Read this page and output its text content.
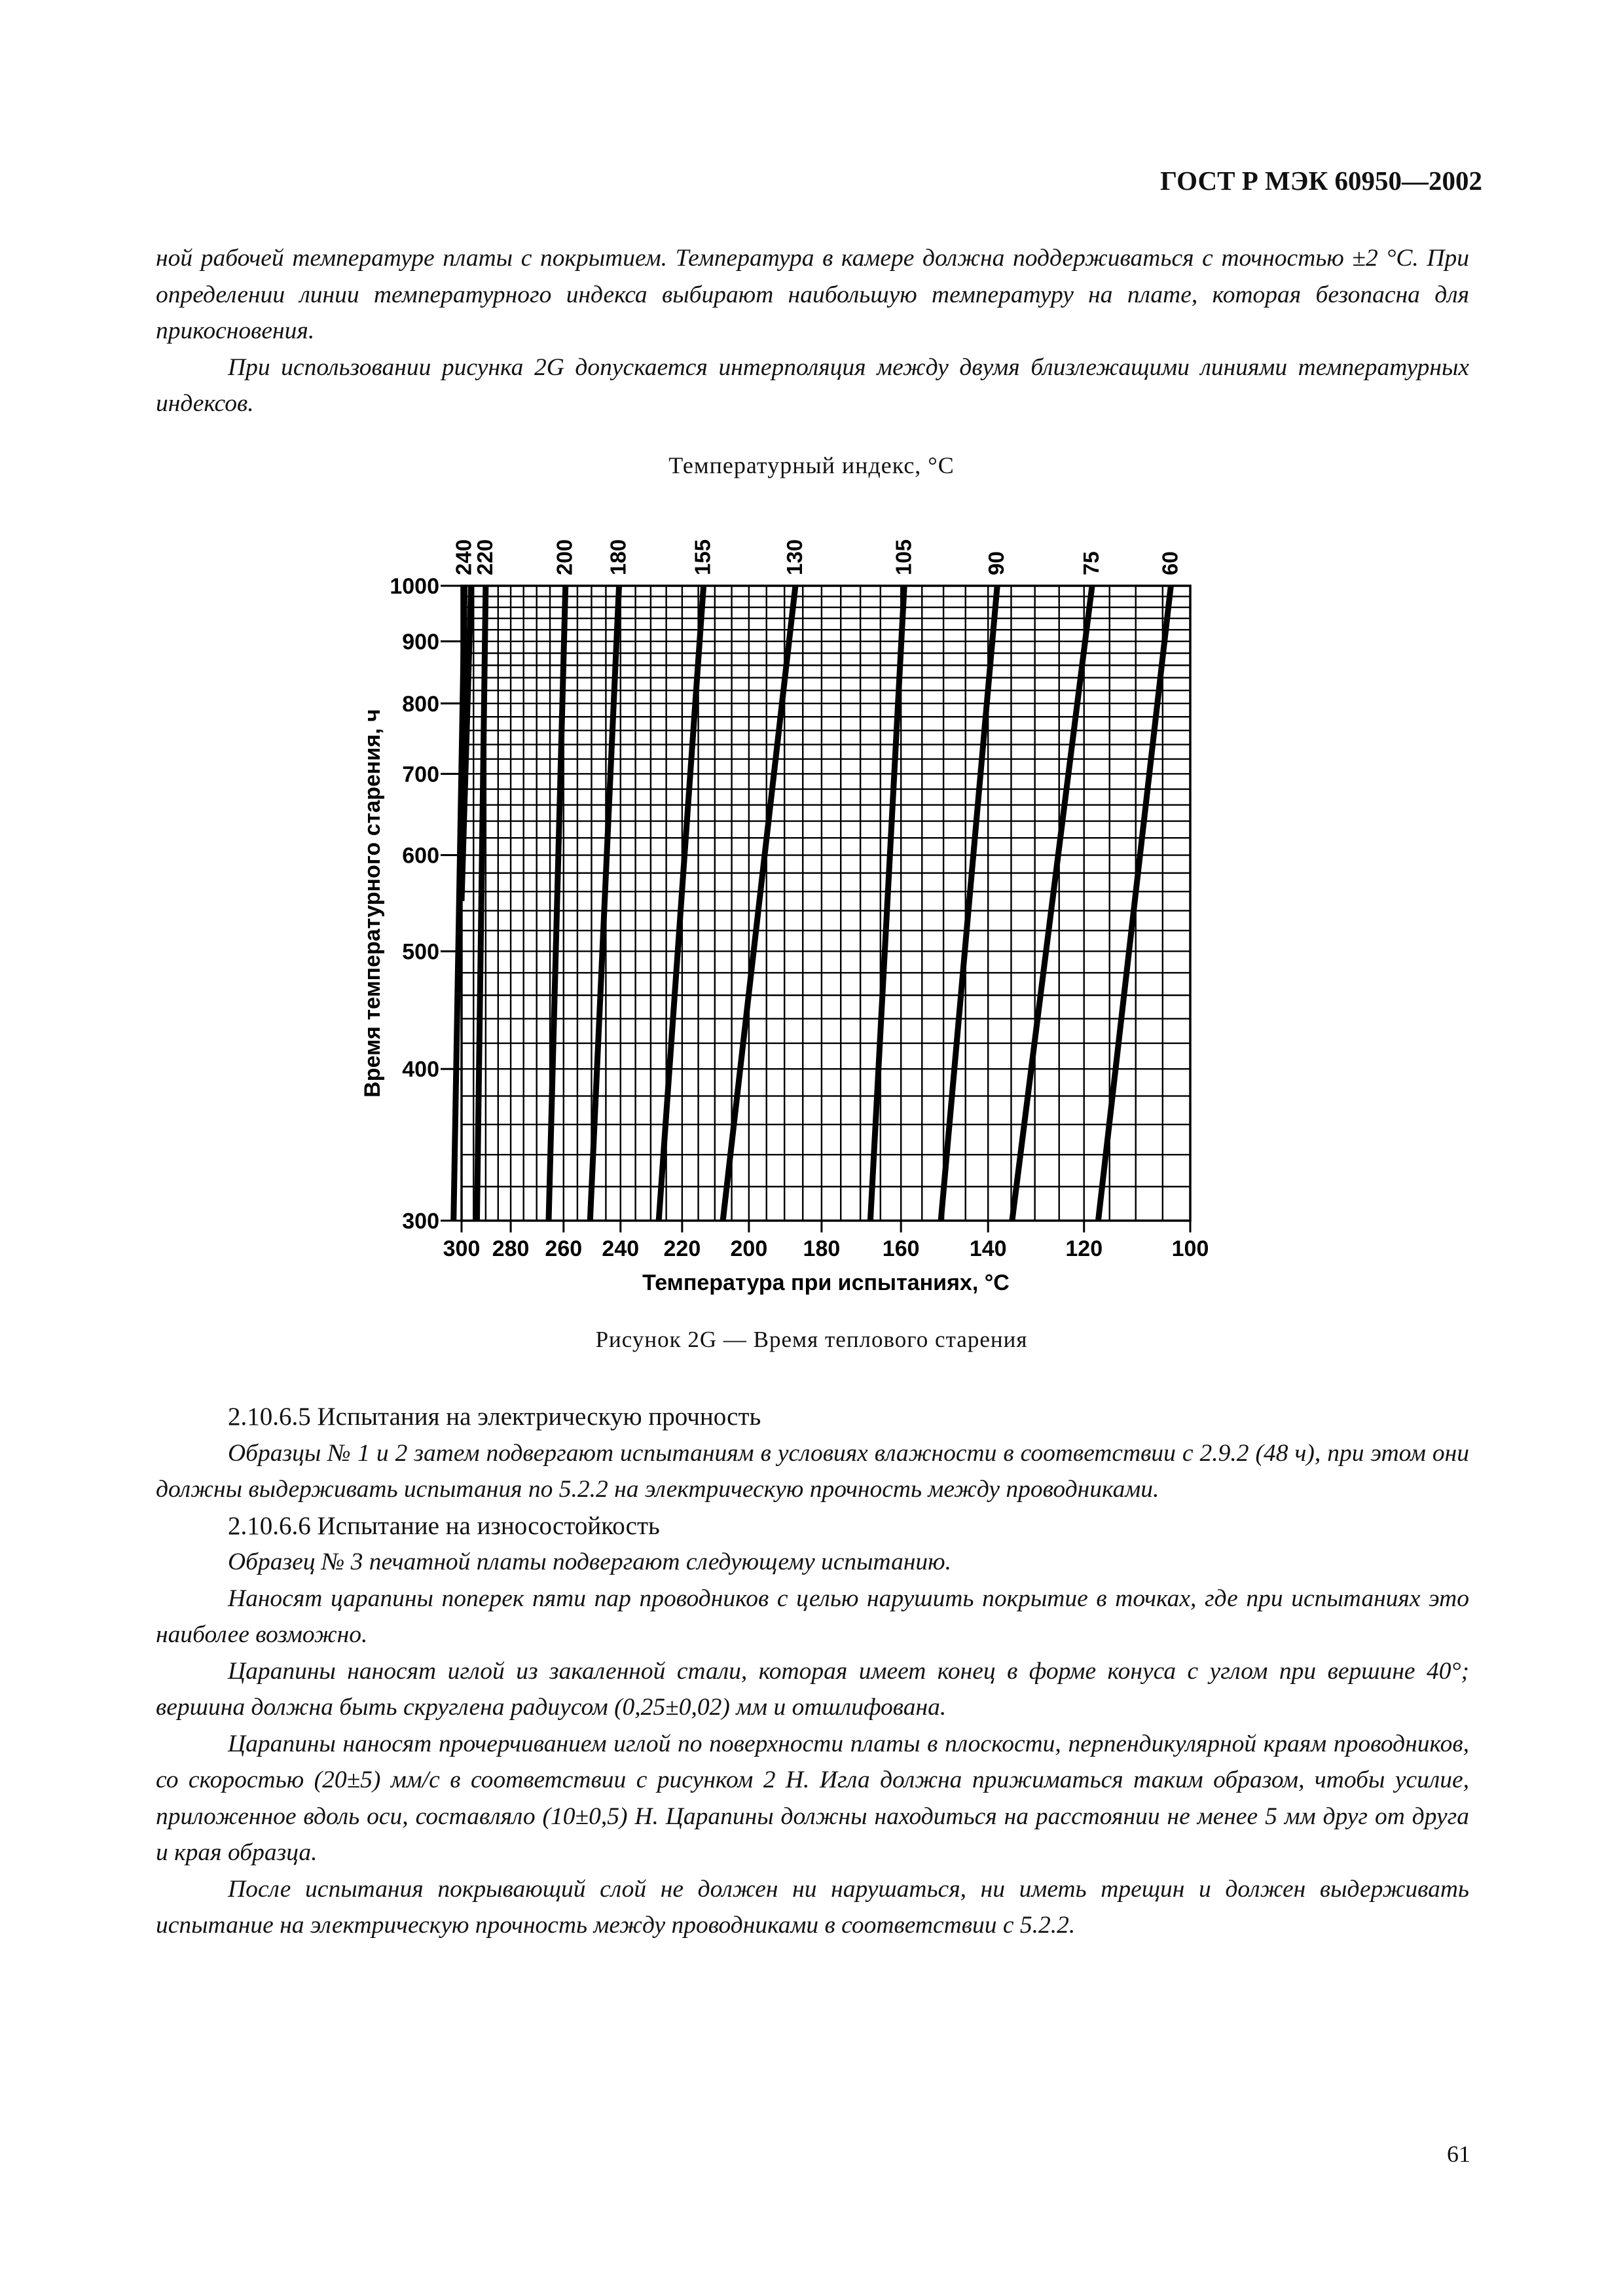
ГОСТ Р МЭК 60950—2002

ной рабочей температуре платы с покрытием. Температура в камере должна поддерживаться с точностью ±2 °С. При определении линии температурного индекса выбирают наибольшую температуру на плате, которая безопасна для прикосновения.

При использовании рисунка 2G допускается интерполяция между двумя близлежащими линиями температурных индексов.

Температурный индекс, °С
300
400
500
600
700
800
900
1000
300 280 260 240 220 200 180 160 140	120	100
240
220	200 180	155	130	105	90	75	60
Температура при испытаниях, °С
Время температурного старения, ч
Рисунок 2G — Время теплового старения

2.10.6.5 Испытания на электрическую прочность

Образцы № 1 и 2 затем подвергают испытаниям в условиях влажности в соответствии с 2.9.2 (48 ч), при этом они должны выдерживать испытания по 5.2.2 на электрическую прочность между проводниками.

2.10.6.6 Испытание на износостойкость

Образец № 3 печатной платы подвергают следующему испытанию.

Наносят царапины поперек пяти пар проводников с целью нарушить покрытие в точках, где при испытаниях это наиболее возможно.

Царапины наносят иглой из закаленной стали, которая имеет конец в форме конуса с углом при вершине 40°; вершина должна быть скруглена радиусом (0,25±0,02) мм и отшлифована.

Царапины наносят прочерчиванием иглой по поверхности платы в плоскости, перпендикулярной краям проводников, со скоростью (20±5) мм/с в соответствии с рисунком 2 Н. Игла должна прижиматься таким образом, чтобы усилие, приложенное вдоль оси, составляло (10±0,5) Н. Царапины должны находиться на расстоянии не менее 5 мм друг от друга и края образца.

После испытания покрывающий слой не должен ни нарушаться, ни иметь трещин и должен выдерживать испытание на электрическую прочность между проводниками в соответствии с 5.2.2.

61
